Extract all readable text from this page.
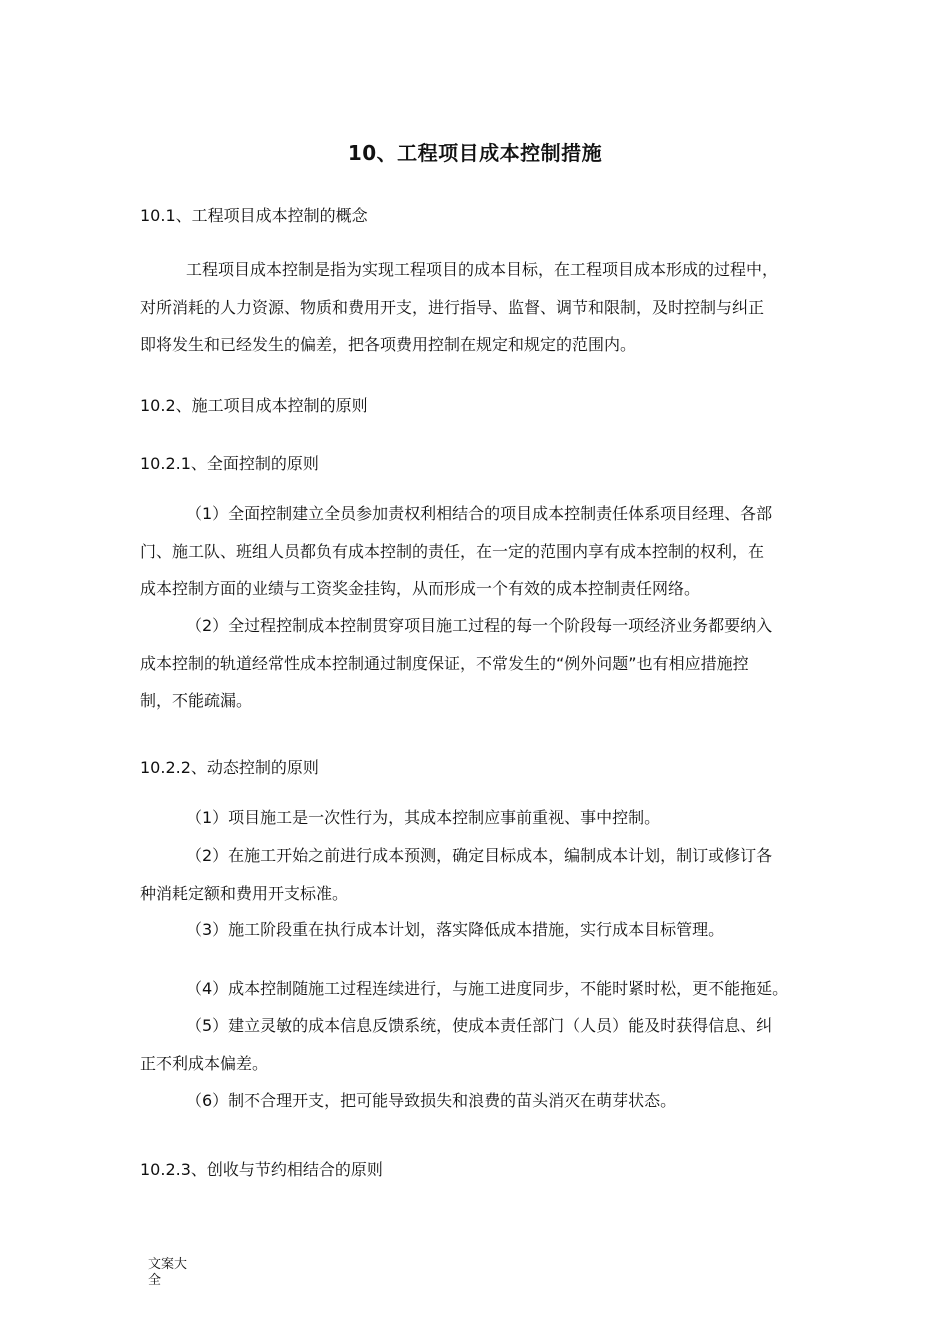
10、工程项目成本控制措施
10.1、工程项目成本控制的概念
工程项目成本控制是指为实现工程项目的成本目标，在工程项目成本形成的过程中，
对所消耗的人力资源、物质和费用开支，进行指导、监督、调节和限制，及时控制与纠正
即将发生和已经发生的偏差，把各项费用控制在规定和规定的范围内。
10.2、施工项目成本控制的原则
10.2.1、全面控制的原则
（1）全面控制建立全员参加责权利相结合的项目成本控制责任体系项目经理、各部
门、施工队、班组人员都负有成本控制的责任，在一定的范围内享有成本控制的权利，在
成本控制方面的业绩与工资奖金挂钩，从而形成一个有效的成本控制责任网络。
（2）全过程控制成本控制贯穿项目施工过程的每一个阶段每一项经济业务都要纳入
成本控制的轨道经常性成本控制通过制度保证，不常发生的“例外问题”也有相应措施控
制，不能疏漏。
10.2.2、动态控制的原则
（1）项目施工是一次性行为，其成本控制应事前重视、事中控制。
（2）在施工开始之前进行成本预测，确定目标成本，编制成本计划，制订或修订各
种消耗定额和费用开支标准。
（3）施工阶段重在执行成本计划，落实降低成本措施，实行成本目标管理。
（4）成本控制随施工过程连续进行，与施工进度同步，不能时紧时松，更不能拖延。
（5）建立灵敏的成本信息反馈系统，使成本责任部门（人员）能及时获得信息、纠
正不利成本偏差。
（6）制不合理开支，把可能导致损失和浪费的苗头消灭在萌芽状态。
10.2.3、创收与节约相结合的原则
文案大
全
